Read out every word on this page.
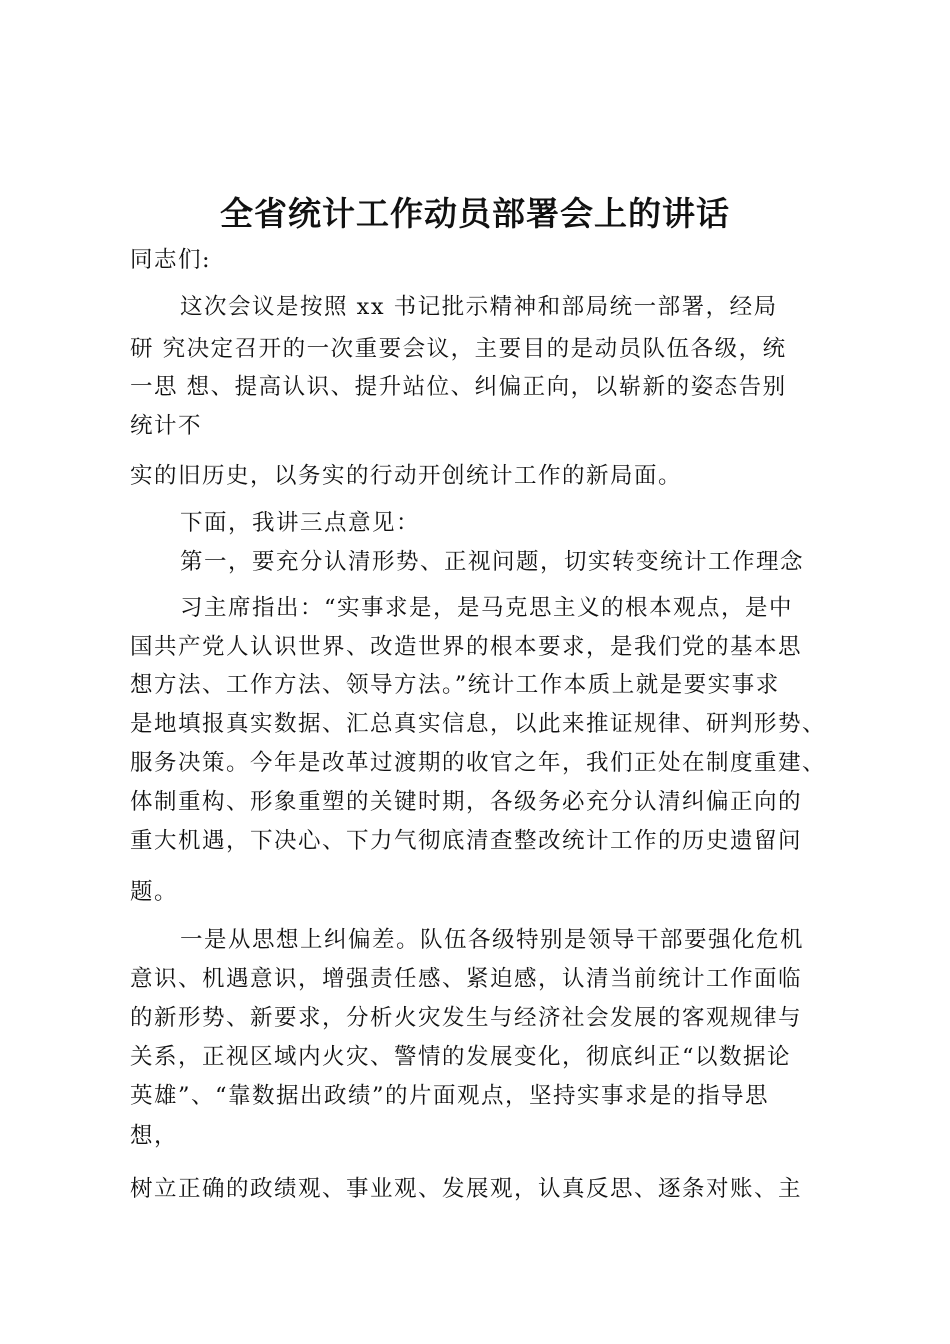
全省统计工作动员部署会上的讲话
同志们:
这次会议是按照 xx 书记批示精神和部局统一部署，经局
研 究决定召开的一次重要会议，主要目的是动员队伍各级，统
一思 想、提高认识、提升站位、纠偏正向，以崭新的姿态告别
统计不
实的旧历史，以务实的行动开创统计工作的新局面。
下面，我讲三点意见：
第一，要充分认清形势、正视问题，切实转变统计工作理念
习主席指出：“实事求是，是马克思主义的根本观点，是中
国共产党人认识世界、改造世界的根本要求，是我们党的基本思
想方法、工作方法、领导方法。”统计工作本质上就是要实事求
是地填报真实数据、汇总真实信息，以此来推证规律、研判形势、
服务决策。今年是改革过渡期的收官之年，我们正处在制度重建、
体制重构、形象重塑的关键时期，各级务必充分认清纠偏正向的
重大机遇，下决心、下力气彻底清查整改统计工作的历史遗留问
题。
一是从思想上纠偏差。队伍各级特别是领导干部要强化危机
意识、机遇意识，增强责任感、紧迫感，认清当前统计工作面临
的新形势、新要求，分析火灾发生与经济社会发展的客观规律与
关系，正视区域内火灾、警情的发展变化，彻底纠正“以数据论
英雄”、“靠数据出政绩”的片面观点，坚持实事求是的指导思
想，
树立正确的政绩观、事业观、发展观，认真反思、逐条对账、主
